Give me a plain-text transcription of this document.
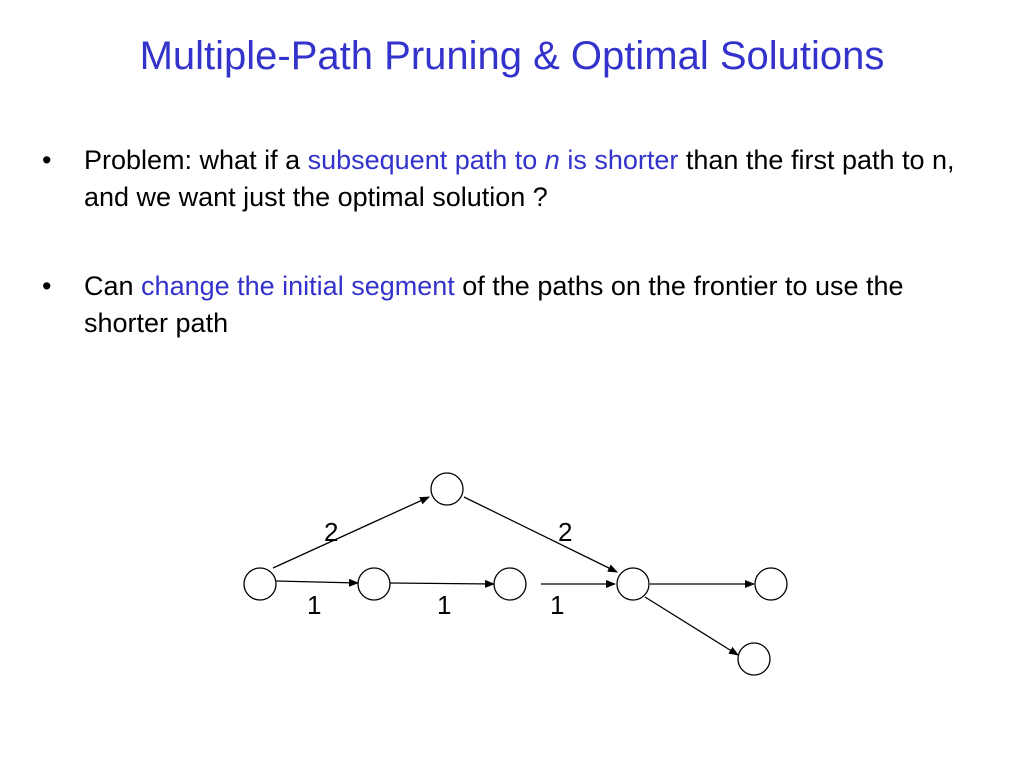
Multiple-Path Pruning & Optimal Solutions
•	Problem: what if a subsequent path to n is shorter than the first path to n, and we want just the optimal solution ?
•	Can change the initial segment of the paths on the frontier to use the shorter path
2	2
1	1	1
